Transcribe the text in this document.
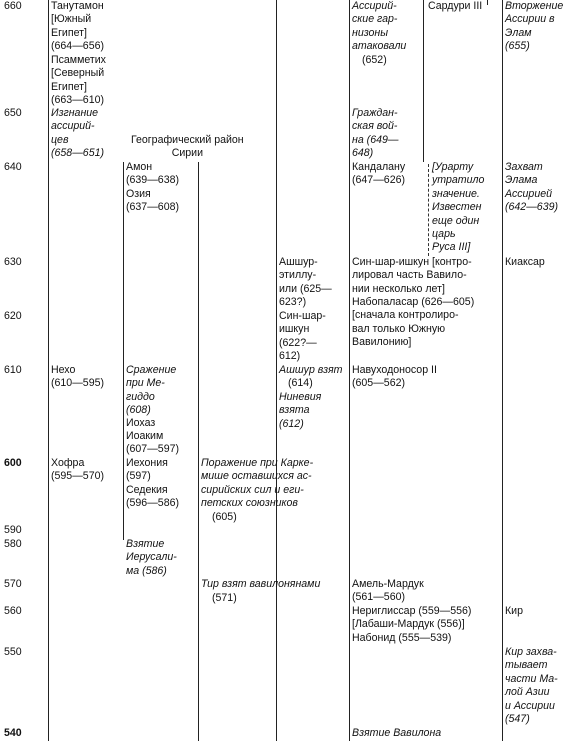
660
650
640
630
620
610
600
590
580
570
560
550
540
Танутамон
[Южный
Египет]
(664—656)
Псамметих
[Северный
Египет]
(663—610)
Изгнание
ассирий-
цев
(658—651)
Нехо
(610—595)
Хофра
(595—570)
Географический район
Сирии
Амон
(639—638)
Озия
(637—608)
Сражение
при Ме-
гиддо
(608)
Иохаз
Иоаким
(607—597)
Иехония
(597)
Седекия
(596—586)
Взятие
Иерусали-
ма (586)
Поражение при Карке-
мише оставшихся ас-
сирийских сил и еги-
петских союзников
(605)
Тир взят вавилонянами
(571)
Ашшур-
этиллу-
или (625—
623?)
Син-шар-
ишкун
(622?—
612)
Ашшур взят
(614)
Ниневия
взята
(612)
Ассирий-
ские гар-
низоны
атаковали
(652)
Граждан-
ская вой-
на (649—
648)
Кандалану
(647—626)
Син-шар-ишкун [контро-
лировал часть Вавило-
нии несколько лет]
Набопаласар (626—605)
[сначала контролиро-
вал только Южную
Вавилонию]
Навуходоносор II
(605—562)
Амель-Мардук
(561—560)
Нериглиссар (559—556)
[Лабаши-Мардук (556)]
Набонид (555—539)
Взятие Вавилона
Сардури III
[Урарту
утратило
значение.
Известен
еще один
царь
Руса III]
Вторжение
Ассирии в
Элам
(655)
Захват
Элама
Ассирией
(642—639)
Киаксар
Кир
Кир захва-
тывает
части Ма-
лой Азии
и Ассирии
(547)
